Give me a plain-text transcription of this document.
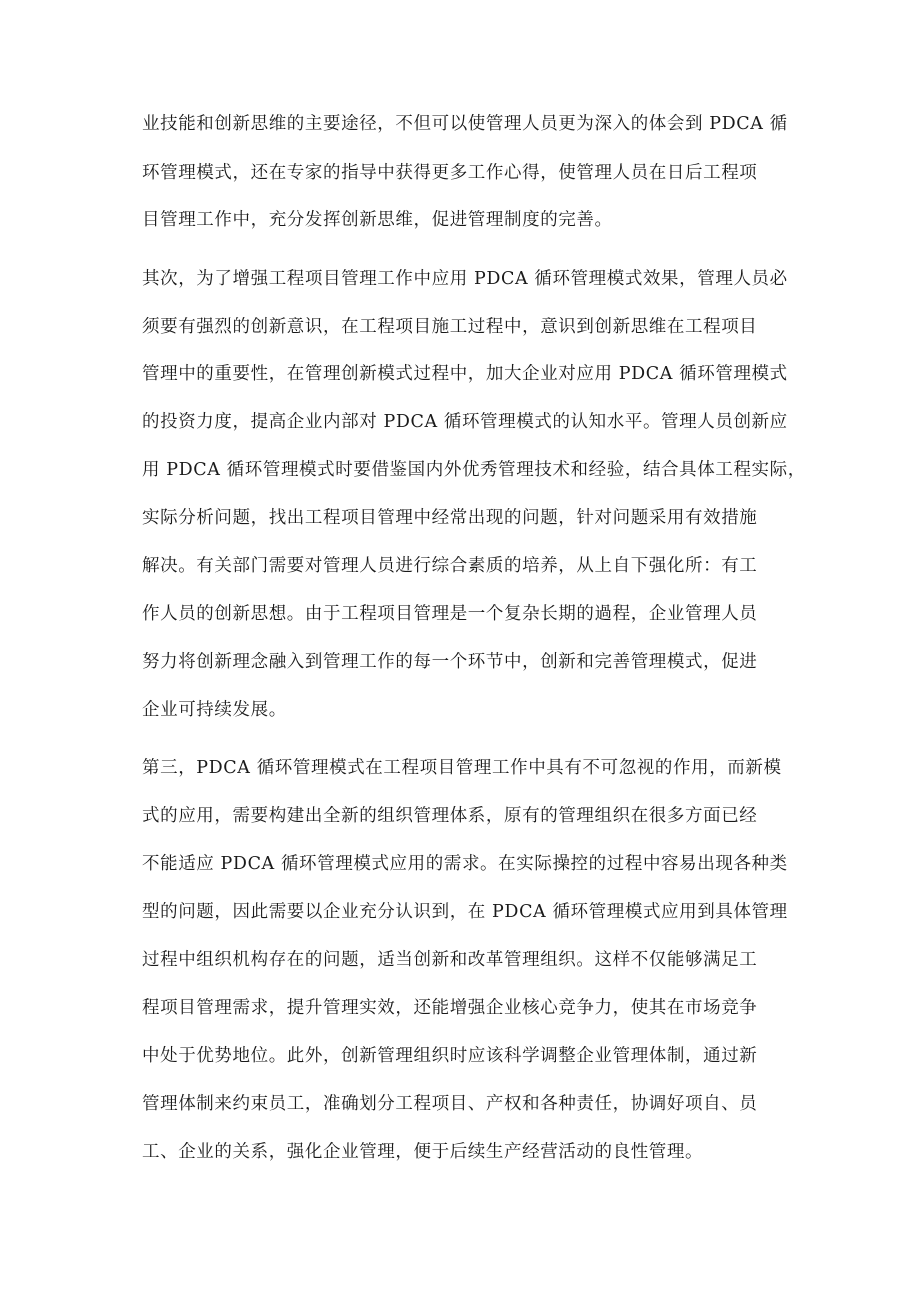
业技能和创新思维的主要途径，不但可以使管理人员更为深入的体会到 PDCA 循
环管理模式，还在专家的指导中获得更多工作心得，使管理人员在日后工程项
目管理工作中，充分发挥创新思维，促进管理制度的完善。
其次，为了增强工程项目管理工作中应用 PDCA 循环管理模式效果，管理人员必
须要有强烈的创新意识，在工程项目施工过程中，意识到创新思维在工程项目
管理中的重要性，在管理创新模式过程中，加大企业对应用 PDCA 循环管理模式
的投资力度，提高企业内部对 PDCA 循环管理模式的认知水平。管理人员创新应
用 PDCA 循环管理模式时要借鉴国内外优秀管理技术和经验，结合具体工程实际，
实际分析问题，找出工程项目管理中经常出现的问题，针对问题采用有效措施
解决。有关部门需要对管理人员进行综合素质的培养，从上自下强化所：有工
作人员的创新思想。由于工程项目管理是一个复杂长期的過程，企业管理人员
努力将创新理念融入到管理工作的每一个环节中，创新和完善管理模式，促进
企业可持续发展。
第三，PDCA 循环管理模式在工程项目管理工作中具有不可忽视的作用，而新模
式的应用，需要构建出全新的组织管理体系，原有的管理组织在很多方面已经
不能适应 PDCA 循环管理模式应用的需求。在实际操控的过程中容易出现各种类
型的问题，因此需要以企业充分认识到，在 PDCA 循环管理模式应用到具体管理
过程中组织机构存在的问题，适当创新和改革管理组织。这样不仅能够满足工
程项目管理需求，提升管理实效，还能增强企业核心竞争力，使其在市场竞争
中处于优势地位。此外，创新管理组织时应该科学调整企业管理体制，通过新
管理体制来约束员工，准确划分工程项目、产权和各种责任，协调好项自、员
工、企业的关系，强化企业管理，便于后续生产经营活动的良性管理。
